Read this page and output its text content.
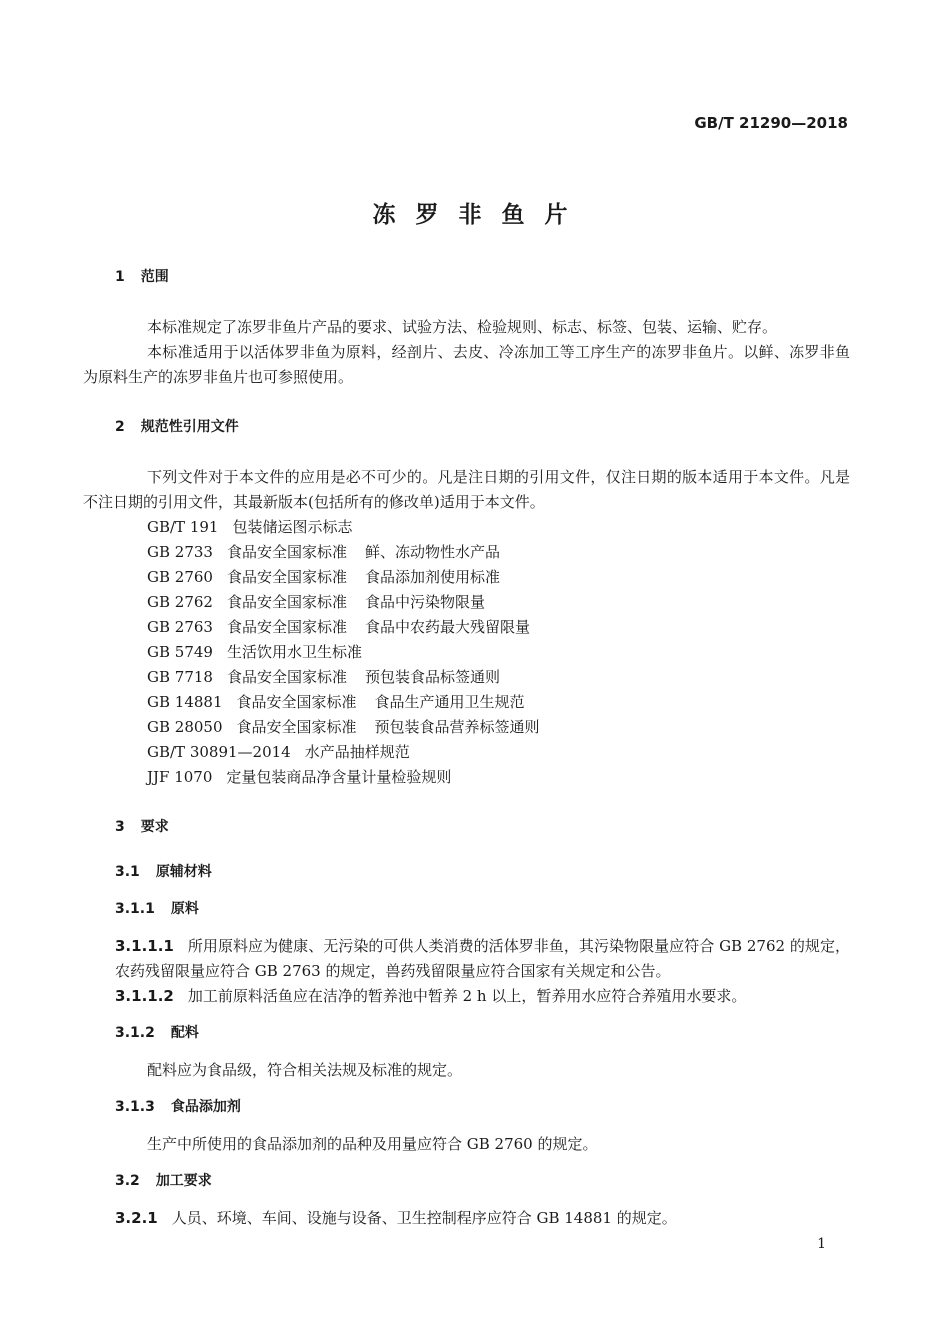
GB/T 21290—2018
冻罗非鱼片
1 范围
本标准规定了冻罗非鱼片产品的要求、试验方法、检验规则、标志、标签、包装、运输、贮存。
本标准适用于以活体罗非鱼为原料，经剖片、去皮、冷冻加工等工序生产的冻罗非鱼片。以鲜、冻罗非鱼为原料生产的冻罗非鱼片也可参照使用。
2 规范性引用文件
下列文件对于本文件的应用是必不可少的。凡是注日期的引用文件，仅注日期的版本适用于本文件。凡是不注日期的引用文件，其最新版本(包括所有的修改单)适用于本文件。
GB/T 191 包装储运图示标志
GB 2733 食品安全国家标准 鲜、冻动物性水产品
GB 2760 食品安全国家标准 食品添加剂使用标准
GB 2762 食品安全国家标准 食品中污染物限量
GB 2763 食品安全国家标准 食品中农药最大残留限量
GB 5749 生活饮用水卫生标准
GB 7718 食品安全国家标准 预包装食品标签通则
GB 14881 食品安全国家标准 食品生产通用卫生规范
GB 28050 食品安全国家标准 预包装食品营养标签通则
GB/T 30891—2014 水产品抽样规范
JJF 1070 定量包装商品净含量计量检验规则
3 要求
3.1 原辅材料
3.1.1 原料
3.1.1.1 所用原料应为健康、无污染的可供人类消费的活体罗非鱼，其污染物限量应符合 GB 2762 的规定，农药残留限量应符合 GB 2763 的规定，兽药残留限量应符合国家有关规定和公告。
3.1.1.2 加工前原料活鱼应在洁净的暂养池中暂养 2 h 以上，暂养用水应符合养殖用水要求。
3.1.2 配料
配料应为食品级，符合相关法规及标准的规定。
3.1.3 食品添加剂
生产中所使用的食品添加剂的品种及用量应符合 GB 2760 的规定。
3.2 加工要求
3.2.1 人员、环境、车间、设施与设备、卫生控制程序应符合 GB 14881 的规定。
1
